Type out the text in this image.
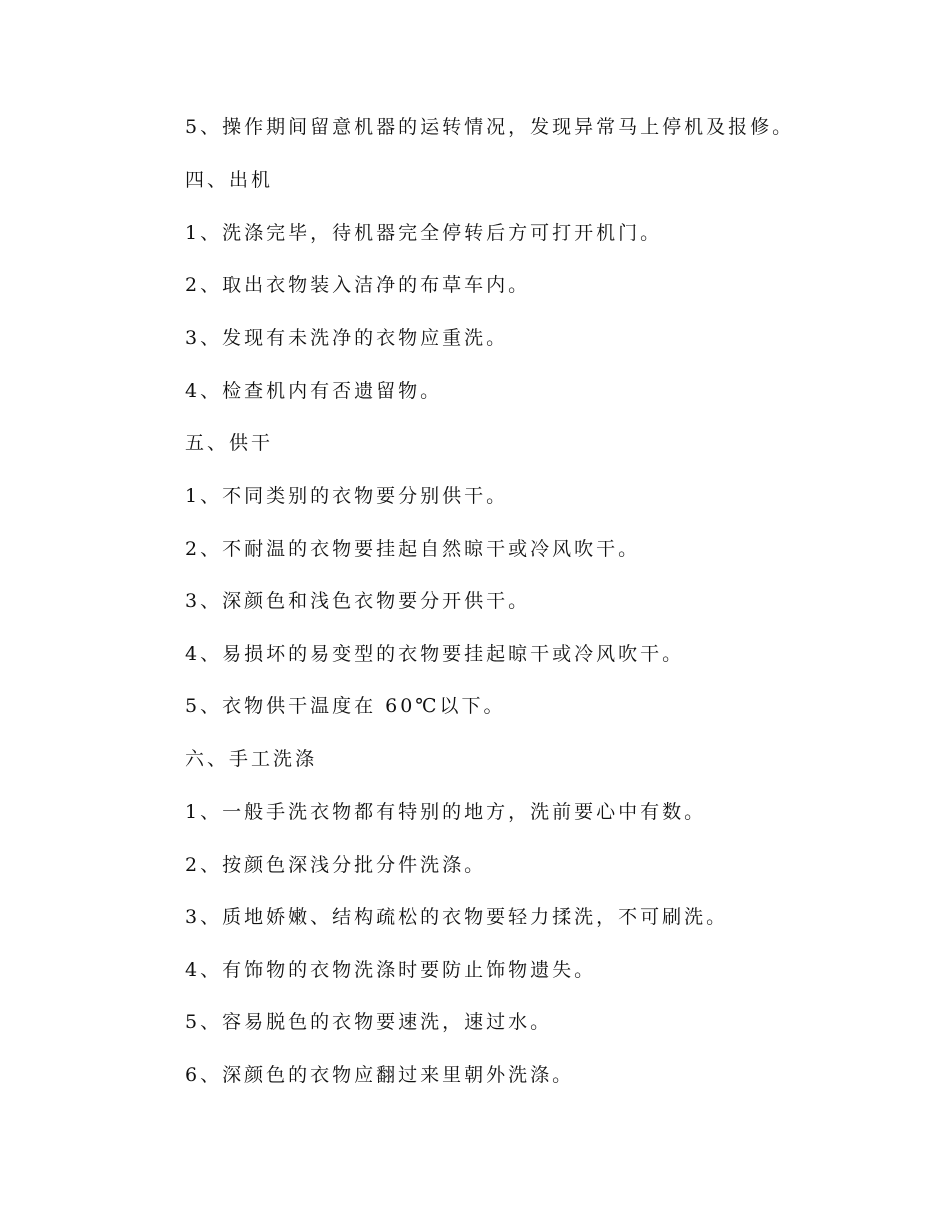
5、操作期间留意机器的运转情况，发现异常马上停机及报修。
四、出机
1、洗涤完毕，待机器完全停转后方可打开机门。
2、取出衣物装入洁净的布草车内。
3、发现有未洗净的衣物应重洗。
4、检查机内有否遗留物。
五、供干
1、不同类别的衣物要分别供干。
2、不耐温的衣物要挂起自然晾干或冷风吹干。
3、深颜色和浅色衣物要分开供干。
4、易损坏的易变型的衣物要挂起晾干或冷风吹干。
5、衣物供干温度在 60℃以下。
六、手工洗涤
1、一般手洗衣物都有特别的地方，洗前要心中有数。
2、按颜色深浅分批分件洗涤。
3、质地娇嫩、结构疏松的衣物要轻力揉洗，不可刷洗。
4、有饰物的衣物洗涤时要防止饰物遗失。
5、容易脱色的衣物要速洗，速过水。
6、深颜色的衣物应翻过来里朝外洗涤。
